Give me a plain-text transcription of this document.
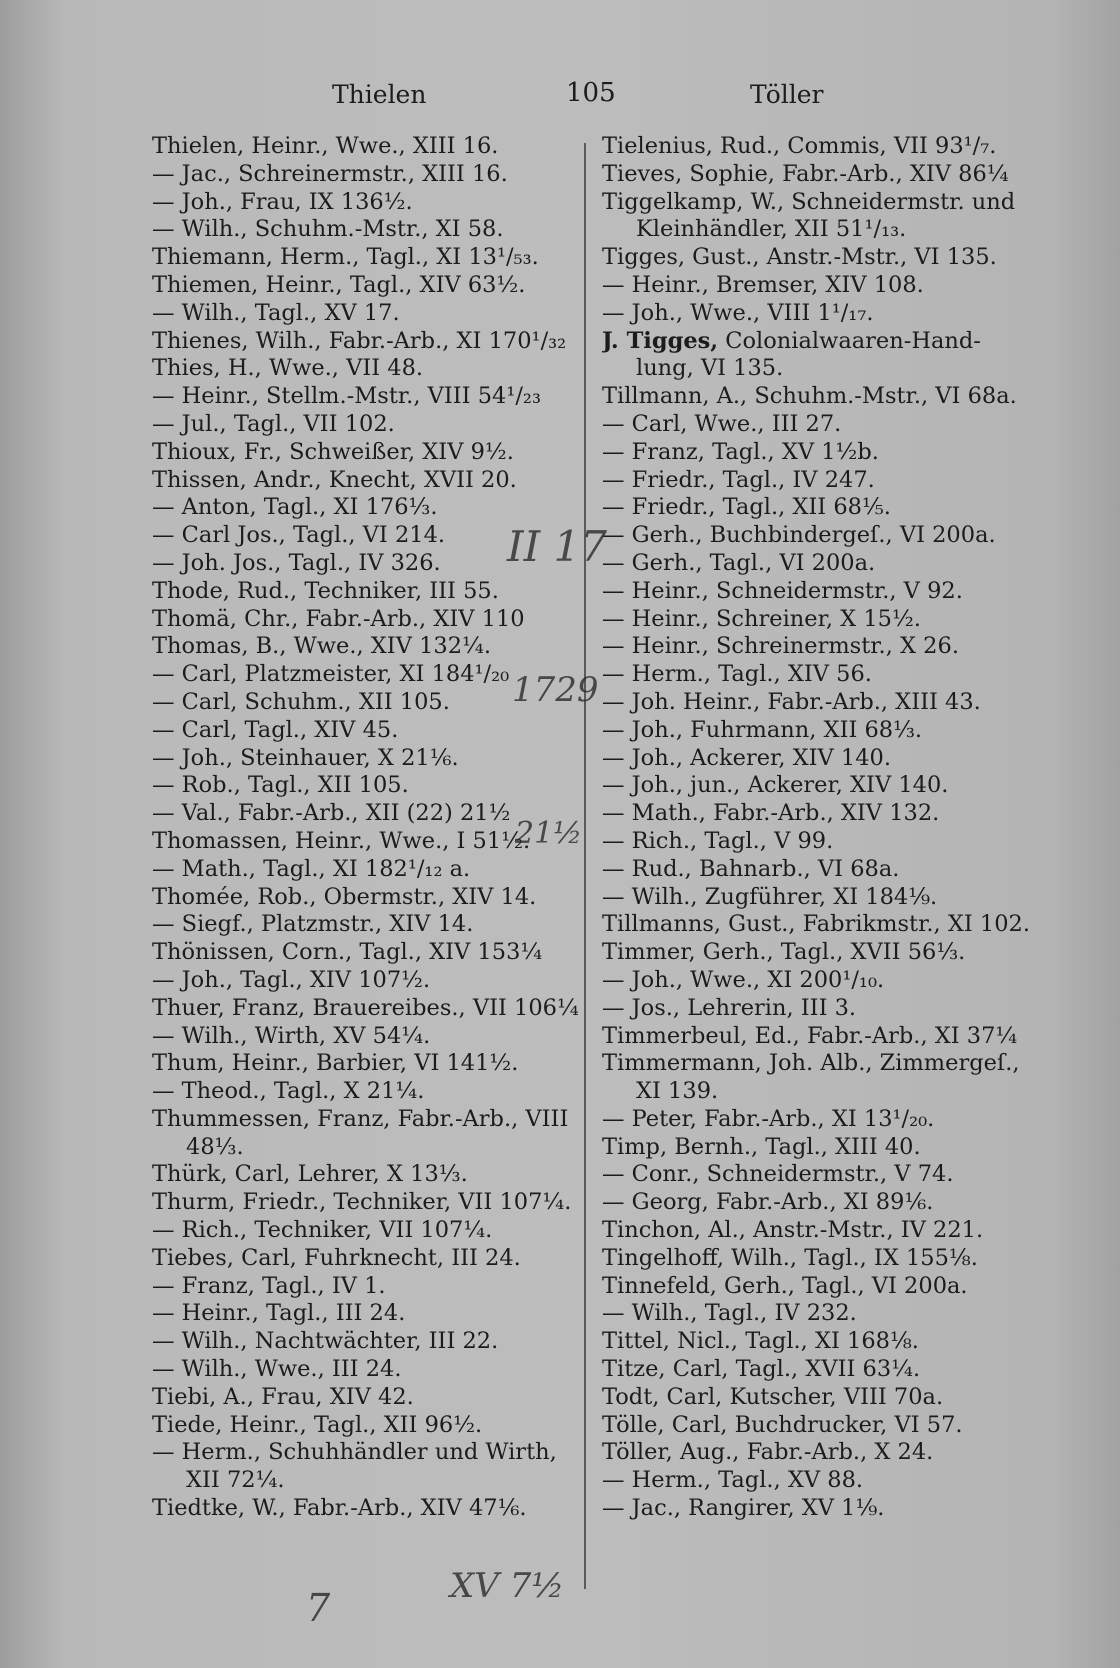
Thielen	105	Töller
Thielen, Heinr., Wwe., XIII 16.
— Jac., Schreinermstr., XIII 16.
— Joh., Frau, IX 136½.
— Wilh., Schuhm.-Mstr., XI 58.
Thiemann, Herm., Tagl., XI 13¹/₅₃.
Thiemen, Heinr., Tagl., XIV 63½.
— Wilh., Tagl., XV 17.
Thienes, Wilh., Fabr.-Arb., XI 170¹/₃₂
Thies, H., Wwe., VII 48.
— Heinr., Stellm.-Mstr., VIII 54¹/₂₃
— Jul., Tagl., VII 102.
Thioux, Fr., Schweißer, XIV 9½.
Thissen, Andr., Knecht, XVII 20.
— Anton, Tagl., XI 176⅓.
— Carl Jos., Tagl., VI 214.
— Joh. Jos., Tagl., IV 326.
Thode, Rud., Techniker, III 55.
Thomä, Chr., Fabr.-Arb., XIV 110
Thomas, B., Wwe., XIV 132¼.
— Carl, Platzmeister, XI 184¹/₂₀
— Carl, Schuhm., XII 105.
— Carl, Tagl., XIV 45.
— Joh., Steinhauer, X 21⅙.
— Rob., Tagl., XII 105.
— Val., Fabr.-Arb., XII (22) 21½
Thomassen, Heinr., Wwe., I 51½.
— Math., Tagl., XI 182¹/₁₂ a.
Thomée, Rob., Obermstr., XIV 14.
— Siegf., Platzmstr., XIV 14.
Thönissen, Corn., Tagl., XIV 153¼
— Joh., Tagl., XIV 107½.
Thuer, Franz, Brauereibes., VII 106¼
— Wilh., Wirth, XV 54¼.
Thum, Heinr., Barbier, VI 141½.
— Theod., Tagl., X 21¼.
Thummessen, Franz, Fabr.-Arb., VIII
48⅓.
Thürk, Carl, Lehrer, X 13⅓.
Thurm, Friedr., Techniker, VII 107¼.
— Rich., Techniker, VII 107¼.
Tiebes, Carl, Fuhrknecht, III 24.
— Franz, Tagl., IV 1.
— Heinr., Tagl., III 24.
— Wilh., Nachtwächter, III 22.
— Wilh., Wwe., III 24.
Tiebi, A., Frau, XIV 42.
Tiede, Heinr., Tagl., XII 96½.
— Herm., Schuhhändler und Wirth,
XII 72¼.
Tiedtke, W., Fabr.-Arb., XIV 47⅙.
Tielenius, Rud., Commis, VII 93¹/₇.
Tieves, Sophie, Fabr.-Arb., XIV 86¼
Tiggelkamp, W., Schneidermstr. und
Kleinhändler, XII 51¹/₁₃.
Tigges, Gust., Anstr.-Mstr., VI 135.
— Heinr., Bremser, XIV 108.
— Joh., Wwe., VIII 1¹/₁₇.
J. Tigges, Colonialwaaren-Hand-
lung, VI 135.
Tillmann, A., Schuhm.-Mstr., VI 68a.
— Carl, Wwe., III 27.
— Franz, Tagl., XV 1½b.
— Friedr., Tagl., IV 247.
— Friedr., Tagl., XII 68⅕.
— Gerh., Buchbindergeſ., VI 200a.
— Gerh., Tagl., VI 200a.
— Heinr., Schneidermstr., V 92.
— Heinr., Schreiner, X 15½.
— Heinr., Schreinermstr., X 26.
— Herm., Tagl., XIV 56.
— Joh. Heinr., Fabr.-Arb., XIII 43.
— Joh., Fuhrmann, XII 68⅓.
— Joh., Ackerer, XIV 140.
— Joh., jun., Ackerer, XIV 140.
— Math., Fabr.-Arb., XIV 132.
— Rich., Tagl., V 99.
— Rud., Bahnarb., VI 68a.
— Wilh., Zugführer, XI 184⅑.
Tillmanns, Gust., Fabrikmstr., XI 102.
Timmer, Gerh., Tagl., XVII 56⅓.
— Joh., Wwe., XI 200¹/₁₀.
— Jos., Lehrerin, III 3.
Timmerbeul, Ed., Fabr.-Arb., XI 37¼
Timmermann, Joh. Alb., Zimmergeſ.,
XI 139.
— Peter, Fabr.-Arb., XI 13¹/₂₀.
Timp, Bernh., Tagl., XIII 40.
— Conr., Schneidermstr., V 74.
— Georg, Fabr.-Arb., XI 89⅙.
Tinchon, Al., Anstr.-Mstr., IV 221.
Tingelhoff, Wilh., Tagl., IX 155⅛.
Tinnefeld, Gerh., Tagl., VI 200a.
— Wilh., Tagl., IV 232.
Tittel, Nicl., Tagl., XI 168⅛.
Titze, Carl, Tagl., XVII 63¼.
Todt, Carl, Kutscher, VIII 70a.
Tölle, Carl, Buchdrucker, VI 57.
Töller, Aug., Fabr.-Arb., X 24.
— Herm., Tagl., XV 88.
— Jac., Rangirer, XV 1⅑.
II 17
1729
21½
XV 7½
7
